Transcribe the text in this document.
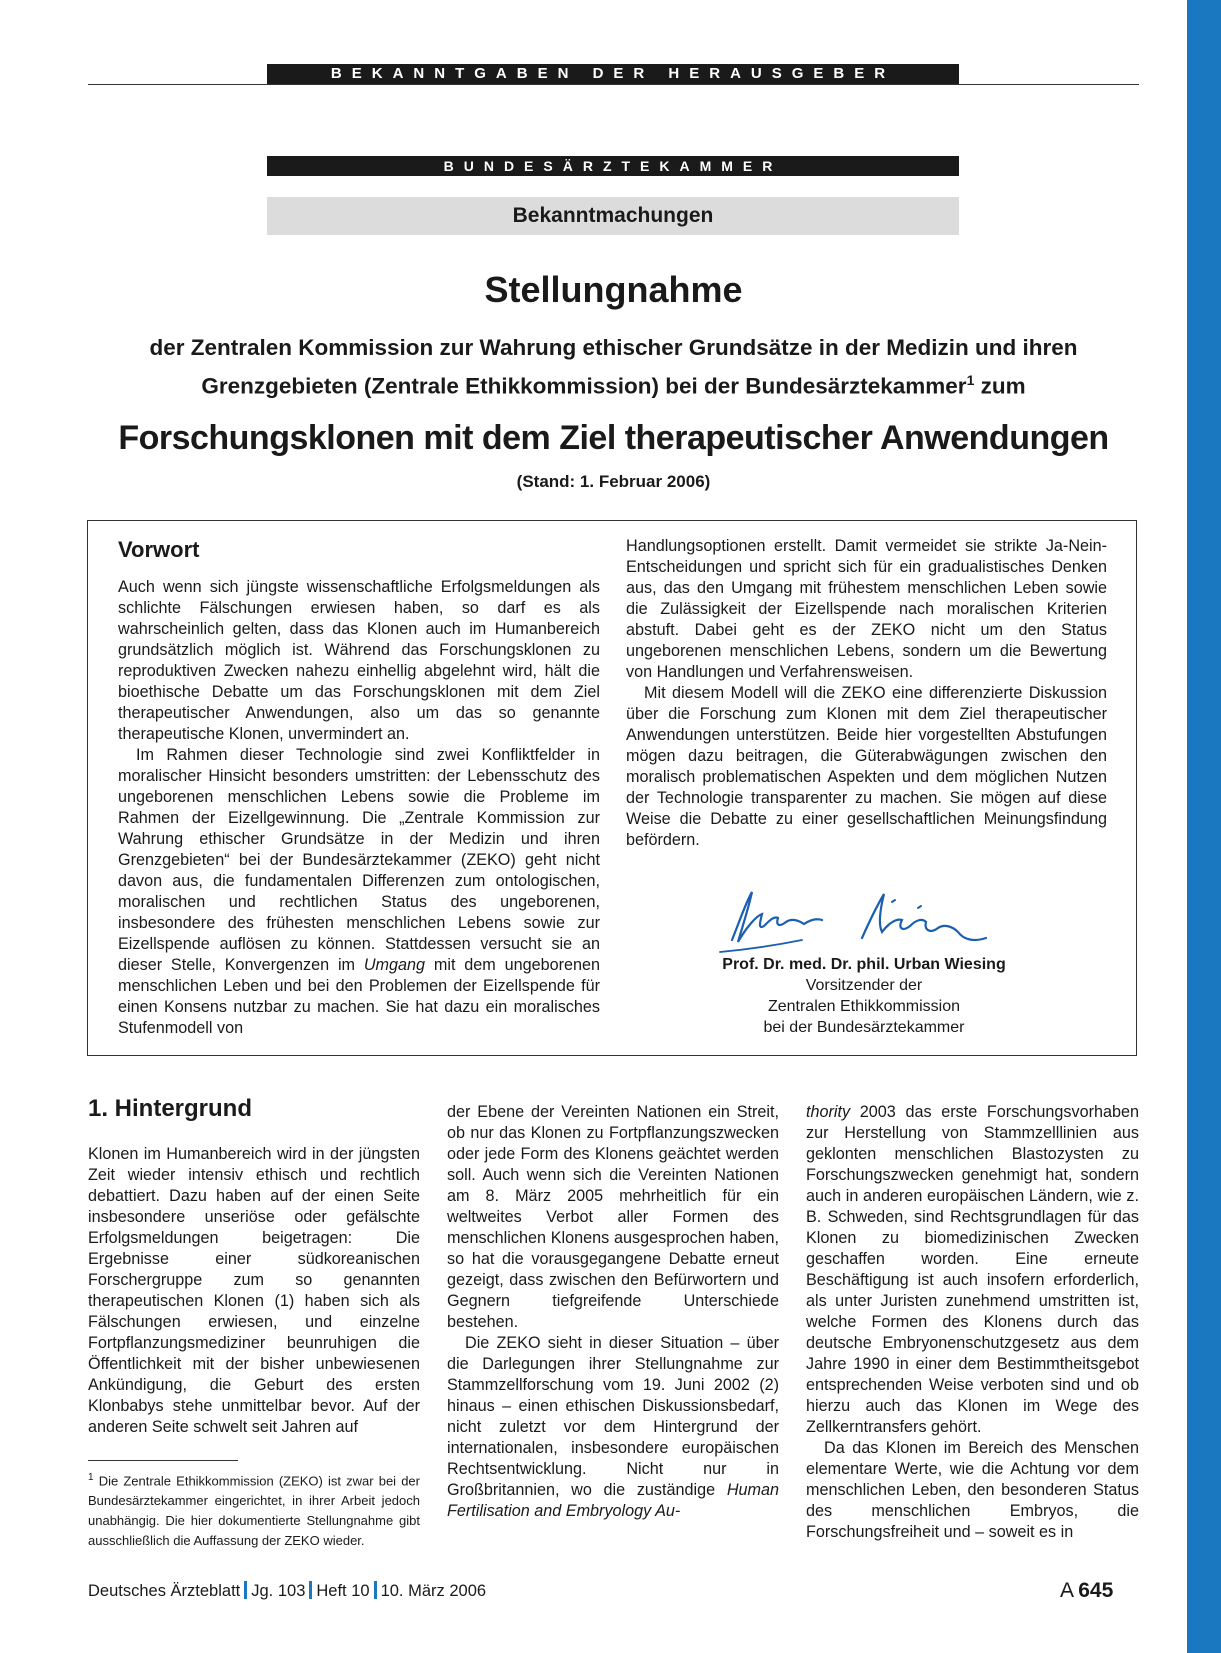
BEKANNTGABEN DER HERAUSGEBER
BUNDESÄRZTEKAMMER
Bekanntmachungen
Stellungnahme
der Zentralen Kommission zur Wahrung ethischer Grundsätze in der Medizin und ihren
Grenzgebieten (Zentrale Ethikkommission) bei der Bundesärztekammer$^1$ zum
Forschungsklonen mit dem Ziel therapeutischer Anwendungen
(Stand: 1. Februar 2006)
Vorwort

Auch wenn sich jüngste wissenschaftliche Erfolgsmeldungen als schlichte Fälschungen erwiesen haben, so darf es als wahrscheinlich gelten, dass das Klonen auch im Humanbereich grundsätzlich möglich ist. Während das Forschungsklonen zu reproduktiven Zwecken nahezu einhellig abgelehnt wird, hält die bioethische Debatte um das Forschungsklonen mit dem Ziel therapeutischer Anwendungen, also um das so genannte therapeutische Klonen, unvermindert an.

Im Rahmen dieser Technologie sind zwei Konfliktfelder in moralischer Hinsicht besonders umstritten: der Lebensschutz des ungeborenen menschlichen Lebens sowie die Probleme im Rahmen der Eizellgewinnung. Die „Zentrale Kommission zur Wahrung ethischer Grundsätze in der Medizin und ihren Grenzgebieten“ bei der Bundesärztekammer (ZEKO) geht nicht davon aus, die fundamentalen Differenzen zum ontologischen, moralischen und rechtlichen Status des ungeborenen, insbesondere des frühesten menschlichen Lebens sowie zur Eizellspende auflösen zu können. Stattdessen versucht sie an dieser Stelle, Konvergenzen im Umgang mit dem ungeborenen menschlichen Leben und bei den Problemen der Eizellspende für einen Konsens nutzbar zu machen. Sie hat dazu ein moralisches Stufenmodell von

Handlungsoptionen erstellt. Damit vermeidet sie strikte Ja-Nein-Entscheidungen und spricht sich für ein gradualistisches Denken aus, das den Umgang mit frühestem menschlichen Leben sowie die Zulässigkeit der Eizellspende nach moralischen Kriterien abstuft. Dabei geht es der ZEKO nicht um den Status ungeborenen menschlichen Lebens, sondern um die Bewertung von Handlungen und Verfahrensweisen.

Mit diesem Modell will die ZEKO eine differenzierte Diskussion über die Forschung zum Klonen mit dem Ziel therapeutischer Anwendungen unterstützen. Beide hier vorgestellten Abstufungen mögen dazu beitragen, die Güterabwägungen zwischen den moralisch problematischen Aspekten und dem möglichen Nutzen der Technologie transparenter zu machen. Sie mögen auf diese Weise die Debatte zu einer gesellschaftlichen Meinungsfindung befördern.

Prof. Dr. med. Dr. phil. Urban Wiesing
Vorsitzender der
Zentralen Ethikkommission
bei der Bundesärztekammer
1. Hintergrund

Klonen im Humanbereich wird in der jüngsten Zeit wieder intensiv ethisch und rechtlich debattiert. Dazu haben auf der einen Seite insbesondere unseriöse oder gefälschte Erfolgsmeldungen beigetragen: Die Ergebnisse einer südkoreanischen Forschergruppe zum so genannten therapeutischen Klonen (1) haben sich als Fälschungen erwiesen, und einzelne Fortpflanzungsmediziner beunruhigen die Öffentlichkeit mit der bisher unbewiesenen Ankündigung, die Geburt des ersten Klonbabys stehe unmittelbar bevor. Auf der anderen Seite schwelt seit Jahren auf

der Ebene der Vereinten Nationen ein Streit, ob nur das Klonen zu Fortpflanzungszwecken oder jede Form des Klonens geächtet werden soll. Auch wenn sich die Vereinten Nationen am 8. März 2005 mehrheitlich für ein weltweites Verbot aller Formen des menschlichen Klonens ausgesprochen haben, so hat die vorausgegangene Debatte erneut gezeigt, dass zwischen den Befürwortern und Gegnern tiefgreifende Unterschiede bestehen.

Die ZEKO sieht in dieser Situation – über die Darlegungen ihrer Stellungnahme zur Stammzellforschung vom 19. Juni 2002 (2) hinaus – einen ethischen Diskussionsbedarf, nicht zuletzt vor dem Hintergrund der internationalen, insbesondere europäischen Rechtsentwicklung. Nicht nur in Großbritannien, wo die zuständige Human Fertilisation and Embryology Au-

thority 2003 das erste Forschungsvorhaben zur Herstellung von Stammzelllinien aus geklonten menschlichen Blastozysten zu Forschungszwecken genehmigt hat, sondern auch in anderen europäischen Ländern, wie z. B. Schweden, sind Rechtsgrundlagen für das Klonen zu biomedizinischen Zwecken geschaffen worden. Eine erneute Beschäftigung ist auch insofern erforderlich, als unter Juristen zunehmend umstritten ist, welche Formen des Klonens durch das deutsche Embryonenschutzgesetz aus dem Jahre 1990 in einer dem Bestimmtheitsgebot entsprechenden Weise verboten sind und ob hierzu auch das Klonen im Wege des Zellkerntransfers gehört.

Da das Klonen im Bereich des Menschen elementare Werte, wie die Achtung vor dem menschlichen Leben, den besonderen Status des menschlichen Embryos, die Forschungsfreiheit und – soweit es in

$^1$ Die Zentrale Ethikkommission (ZEKO) ist zwar bei der Bundesärztekammer eingerichtet, in ihrer Arbeit jedoch unabhängig. Die hier dokumentierte Stellungnahme gibt ausschließlich die Auffassung der ZEKO wieder.
Deutsches Ärzteblatt Jg. 103 Heft 10 10. März 2006	A  645
